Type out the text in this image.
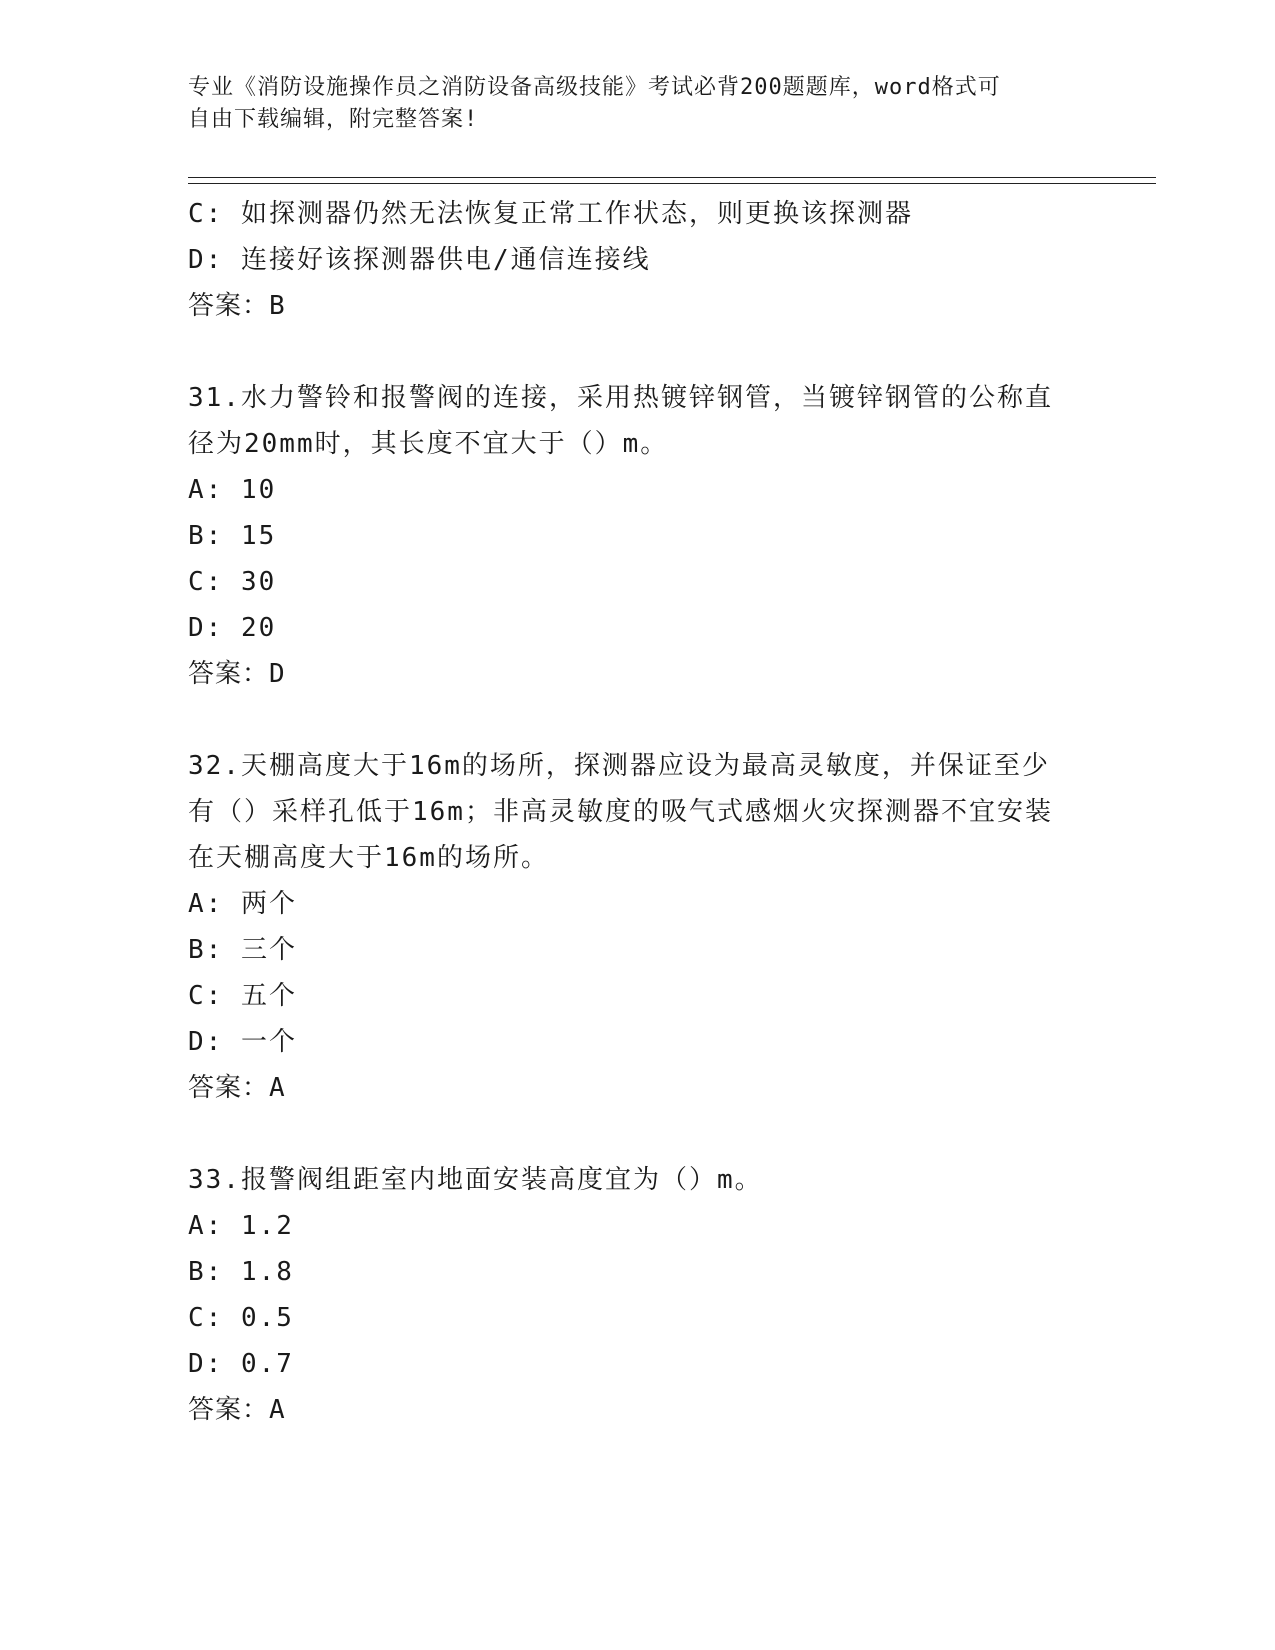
专业《消防设施操作员之消防设备高级技能》考试必背200题题库，word格式可
自由下载编辑，附完整答案!
C: 如探测器仍然无法恢复正常工作状态，则更换该探测器
D: 连接好该探测器供电/通信连接线
答案：B
31.水力警铃和报警阀的连接，采用热镀锌钢管，当镀锌钢管的公称直
径为20mm时，其长度不宜大于（）m。
A: 10
B: 15
C: 30
D: 20
答案：D
32.天棚高度大于16m的场所，探测器应设为最高灵敏度，并保证至少
有（）采样孔低于16m；非高灵敏度的吸气式感烟火灾探测器不宜安装
在天棚高度大于16m的场所。
A: 两个
B: 三个
C: 五个
D: 一个
答案：A
33.报警阀组距室内地面安装高度宜为（）m。
A: 1.2
B: 1.8
C: 0.5
D: 0.7
答案：A
